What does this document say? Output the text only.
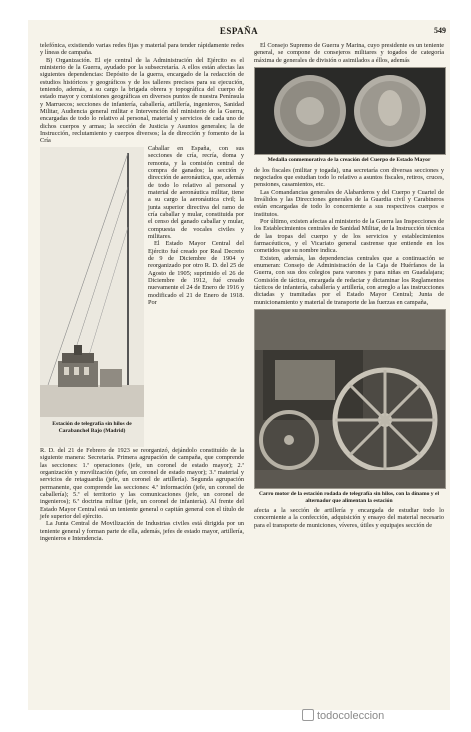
ESPAÑA	549

telefónica, existiendo varias redes fijas y material para tender rápidamente redes y líneas de campaña.

B) Organización. El eje central de la Administración del Ejército es el ministerio de la Guerra, ayudado por la subsecretaría. A ellos están afectas las siguientes dependencias: Depósito de la guerra, encargado de la redacción de estudios históricos y geográficos y de los talleres precisos para su ejecución, teniendo, además, a su cargo la brigada obrera y topográfica del cuerpo de estado mayor y comisiones geográficas en diversos puntos de nuestra Península y Marruecos; secciones de infantería, caballería, artillería, ingenieros, Sanidad Militar, Audiencia general militar e Intervención del ministerio de la Guerra, encargadas de todo lo relativo al personal, material y servicios de cada uno de dichos cuerpos y armas; la sección de Justicia y Asuntos generales; la de Instrucción, reclutamiento y cuerpos diversos; la de dirección y fomento de la Cría

Estación de telegrafía sin hilos de Carabanchel Bajo (Madrid)

Caballar en España, con sus secciones de cría, recría, doma y remonta, y la comisión central de compra de ganados; la sección y dirección de aeronáutica, que, además de todo lo relativo al personal y material de aeronáutica militar, tiene a su cargo la aeronáutica civil; la junta superior directiva del ramo de cría caballar y mular, constituida por el censo del ganado caballar y mular, compuesta de vocales civiles y militares.

El Estado Mayor Central del Ejército fué creado por Real Decreto de 9 de Diciembre de 1904 y reorganizado por otro R. D. del 25 de Agosto de 1905; suprimido el 26 de Diciembre de 1912, fué creado nuevamente el 24 de Enero de 1916 y modificado el 21 de Enero de 1918. Por

R. D. del 21 de Febrero de 1923 se reorganizó, dejándolo constituído de la siguiente manera: Secretaría. Primera agrupación de campaña, que comprende las secciones: 1.ª operaciones (jefe, un coronel de estado mayor); 2.ª organización y movilización (jefe, un coronel de estado mayor); 3.ª material y servicios de retaguardia (jefe, un coronel de artillería). Segunda agrupación permanente, que comprende las secciones: 4.ª información (jefe, un coronel de caballería); 5.ª el territorio y las comunicaciones (jefe, un coronel de ingenieros); 6.ª doctrina militar (jefe, un coronel de infantería). Al frente del Estado Mayor Central está un teniente general o capitán general con el título de jefe superior del ejército.

La Junta Central de Movilización de Industrias civiles está dirigida por un teniente general y forman parte de ella, además, jefes de estado mayor, artillería, ingenieros e Intendencia.

El Consejo Supremo de Guerra y Marina, cuyo presidente es un teniente general, se compone de consejeros militares y togados de categoría máxima de generales de división o asimilados a éllos, además

Medalla conmemorativa de la creación del Cuerpo de Estado Mayor

de los fiscales (militar y togada), una secretaría con diversas secciones y negociados que estudian todo lo relativo a asuntos fiscales, retiros, cruces, pensiones, casamientos, etc.

Las Comandancias generales de Alabarderos y del Cuerpo y Cuartel de Inválidos y las Direcciones generales de la Guardia civil y Carabineros están encargadas de todo lo concerniente a sus respectivos cuerpos e institutos.

Por último, existen afectas al ministerio de la Guerra las Inspecciones de los Establecimientos centrales de Sanidad Militar, de la Instrucción técnica de las tropas del cuerpo y de los servicios y establecimientos farmacéuticos, y el Vicariato general castrense que entiende en los cometidos que su nombre indica.

Existen, además, las dependencias centrales que a continuación se enumeran: Consejo de Administración de la Caja de Huérfanos de la Guerra, con sus dos colegios para varones y para niñas en Guadalajara; Comisión de táctica, encargada de redactar y dictaminar los Reglamentos tácticos de infantería, caballería y artillería, con arreglo a las instrucciones dictadas y tramitadas por el Estado Mayor Central; Junta de municionamiento y material de transporte de las fuerzas en campaña,

Carro motor de la estación rodada de telegrafía sin hilos, con la dínamo y el alternador que alimentan la estación

afecta a la sección de artillería y encargada de estudiar todo lo concerniente a la confección, adquisición y ensayo del material necesario para el transporte de municiones, víveres, útiles y equipajes sección de

todocoleccion
